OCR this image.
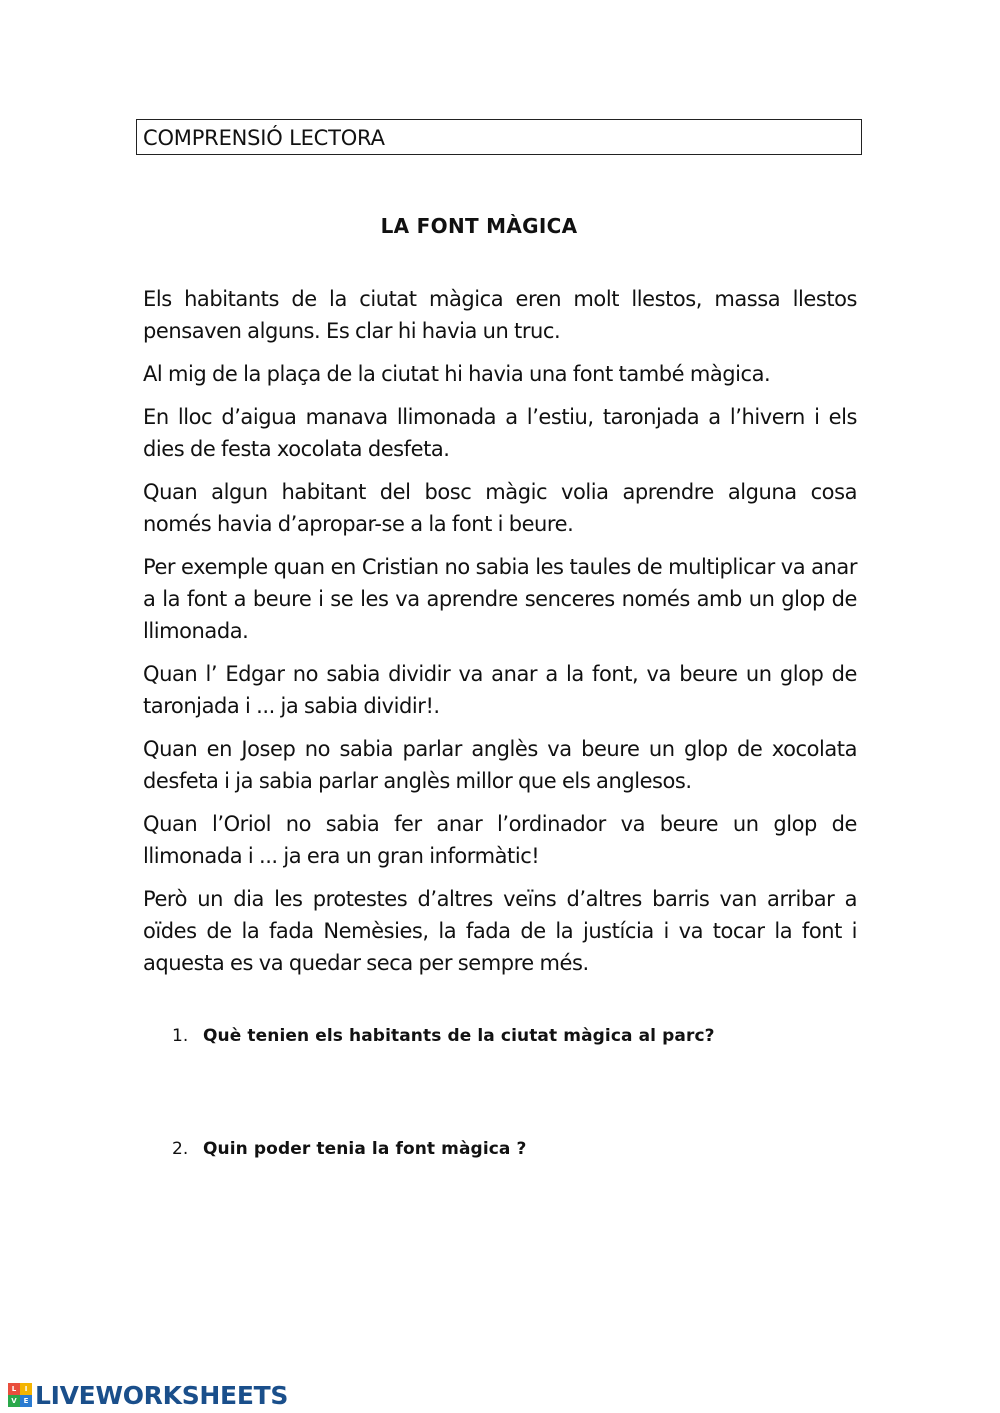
COMPRENSIÓ LECTORA
LA FONT MÀGICA

Els habitants de la ciutat màgica eren molt llestos, massa llestos pensaven alguns. Es clar hi havia un truc.

Al mig de la plaça de la ciutat hi havia una font també màgica.

En lloc d’aigua manava llimonada a l’estiu, taronjada a l’hivern i els dies de festa xocolata desfeta.

Quan algun habitant del bosc màgic volia aprendre alguna cosa només havia d’apropar-se a la font i beure.

Per exemple quan en Cristian no sabia les taules de multiplicar va anar a la font a beure i se les va aprendre senceres només amb un glop de llimonada.

Quan l’ Edgar no sabia dividir va anar a la font, va beure un glop de taronjada i ... ja sabia dividir!.

Quan en Josep no sabia parlar anglès va beure un glop de xocolata desfeta i ja sabia parlar anglès millor que els anglesos.

Quan l’Oriol no sabia fer anar l’ordinador va beure un glop de llimonada i ... ja era un gran informàtic!

Però un dia les protestes d’altres veïns d’altres barris van arribar a oïdes de la fada Nemèsies, la fada de la justícia i va tocar la font i aquesta es va quedar seca per sempre més.

1. Què tenien els habitants de la ciutat màgica al parc?
2. Quin poder tenia la font màgica ?
L	I
V E LIVEWORKSHEETS
